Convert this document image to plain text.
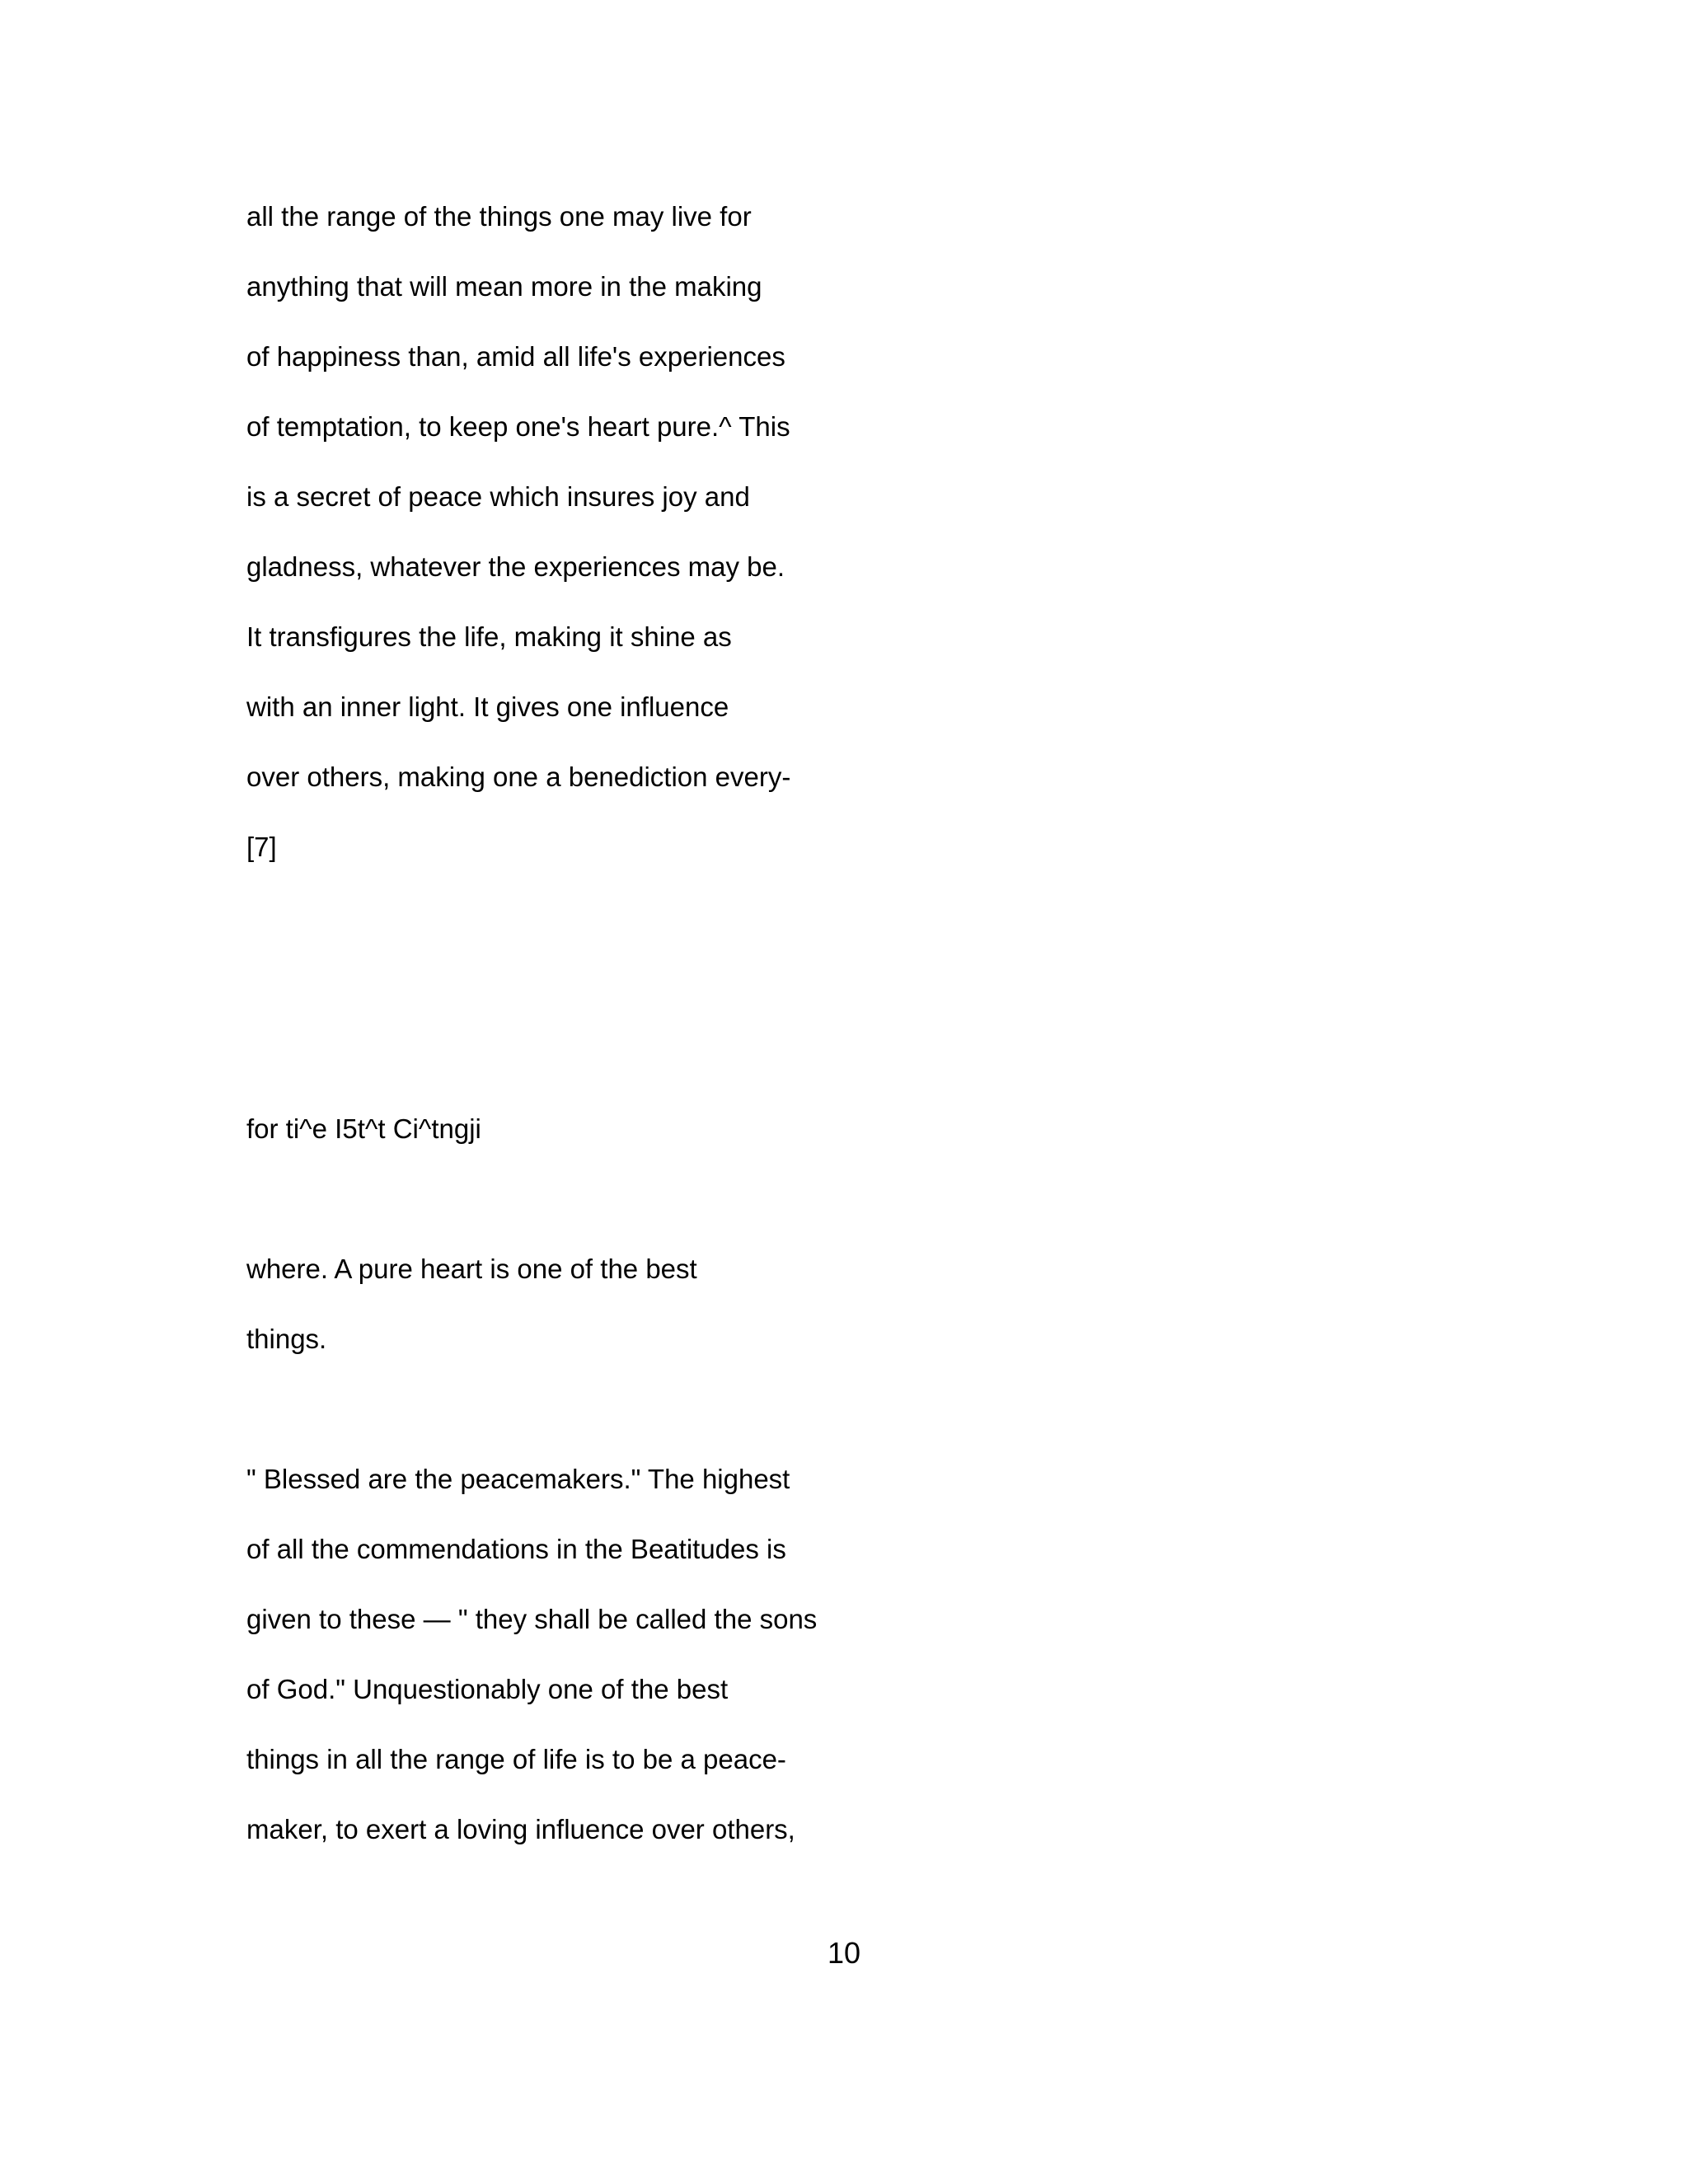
all the range of the things one may live for

anything that will mean more in the making

of happiness than, amid all life's experiences

of temptation, to keep one's heart pure.^ This

is a secret of peace which insures joy and

gladness, whatever the experiences may be.

It transfigures the life, making it shine as

with an inner light. It gives one influence

over others, making one a benediction every-

[7]

for ti^e I5t^t Ci^tngji

where. A pure heart is one of the best

things.

" Blessed are the peacemakers." The highest

of all the commendations in the Beatitudes is

given to these — " they shall be called the sons

of God." Unquestionably one of the best

things in all the range of life is to be a peace-

maker, to exert a loving influence over others,

10
